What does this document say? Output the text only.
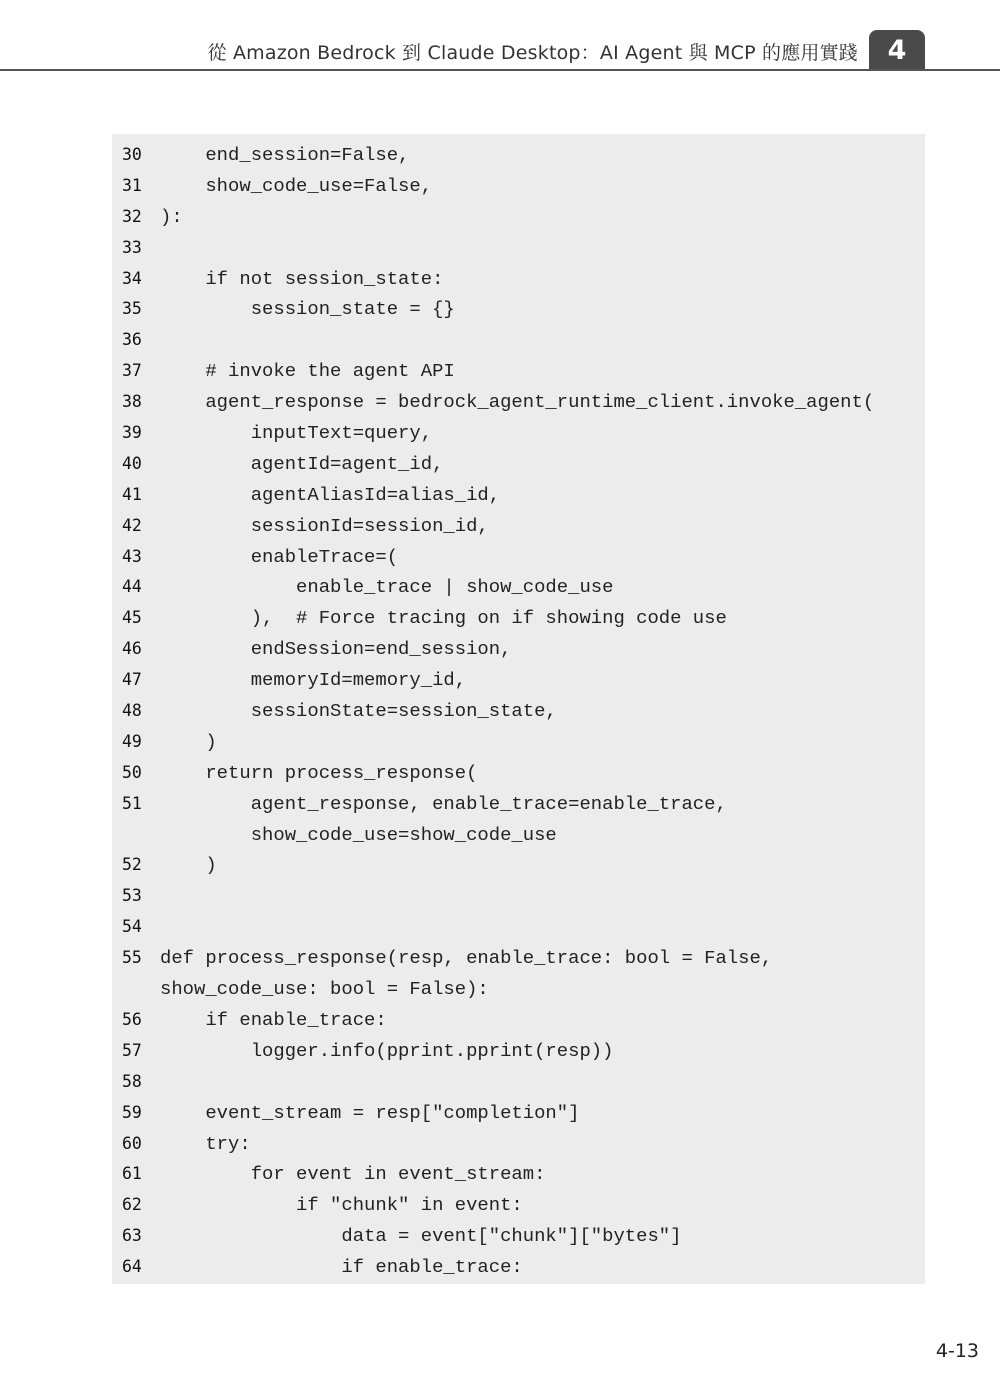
從 Amazon Bedrock 到 Claude Desktop：AI Agent 與 MCP 的應用實踐	4
30 end_session=False,
31 show_code_use=False,
32 ):
33
34 if not session_state:
35 session_state = {}
36
37 # invoke the agent API
38 agent_response = bedrock_agent_runtime_client.invoke_agent(
39 inputText=query,
40 agentId=agent_id,
41 agentAliasId=alias_id,
42 sessionId=session_id,
43 enableTrace=(
44 enable_trace | show_code_use
45 ),  # Force tracing on if showing code use
46 endSession=end_session,
47 memoryId=memory_id,
48 sessionState=session_state,
49 )
50 return process_response(
51 agent_response, enable_trace=enable_trace,
show_code_use=show_code_use
52 )
53
54
55 def process_response(resp, enable_trace: bool = False,
show_code_use: bool = False):
56 if enable_trace:
57 logger.info(pprint.pprint(resp))
58
59 event_stream = resp["completion"]
60 try:
61 for event in event_stream:
62 if "chunk" in event:
63 data = event["chunk"]["bytes"]
64 if enable_trace:
4-13
